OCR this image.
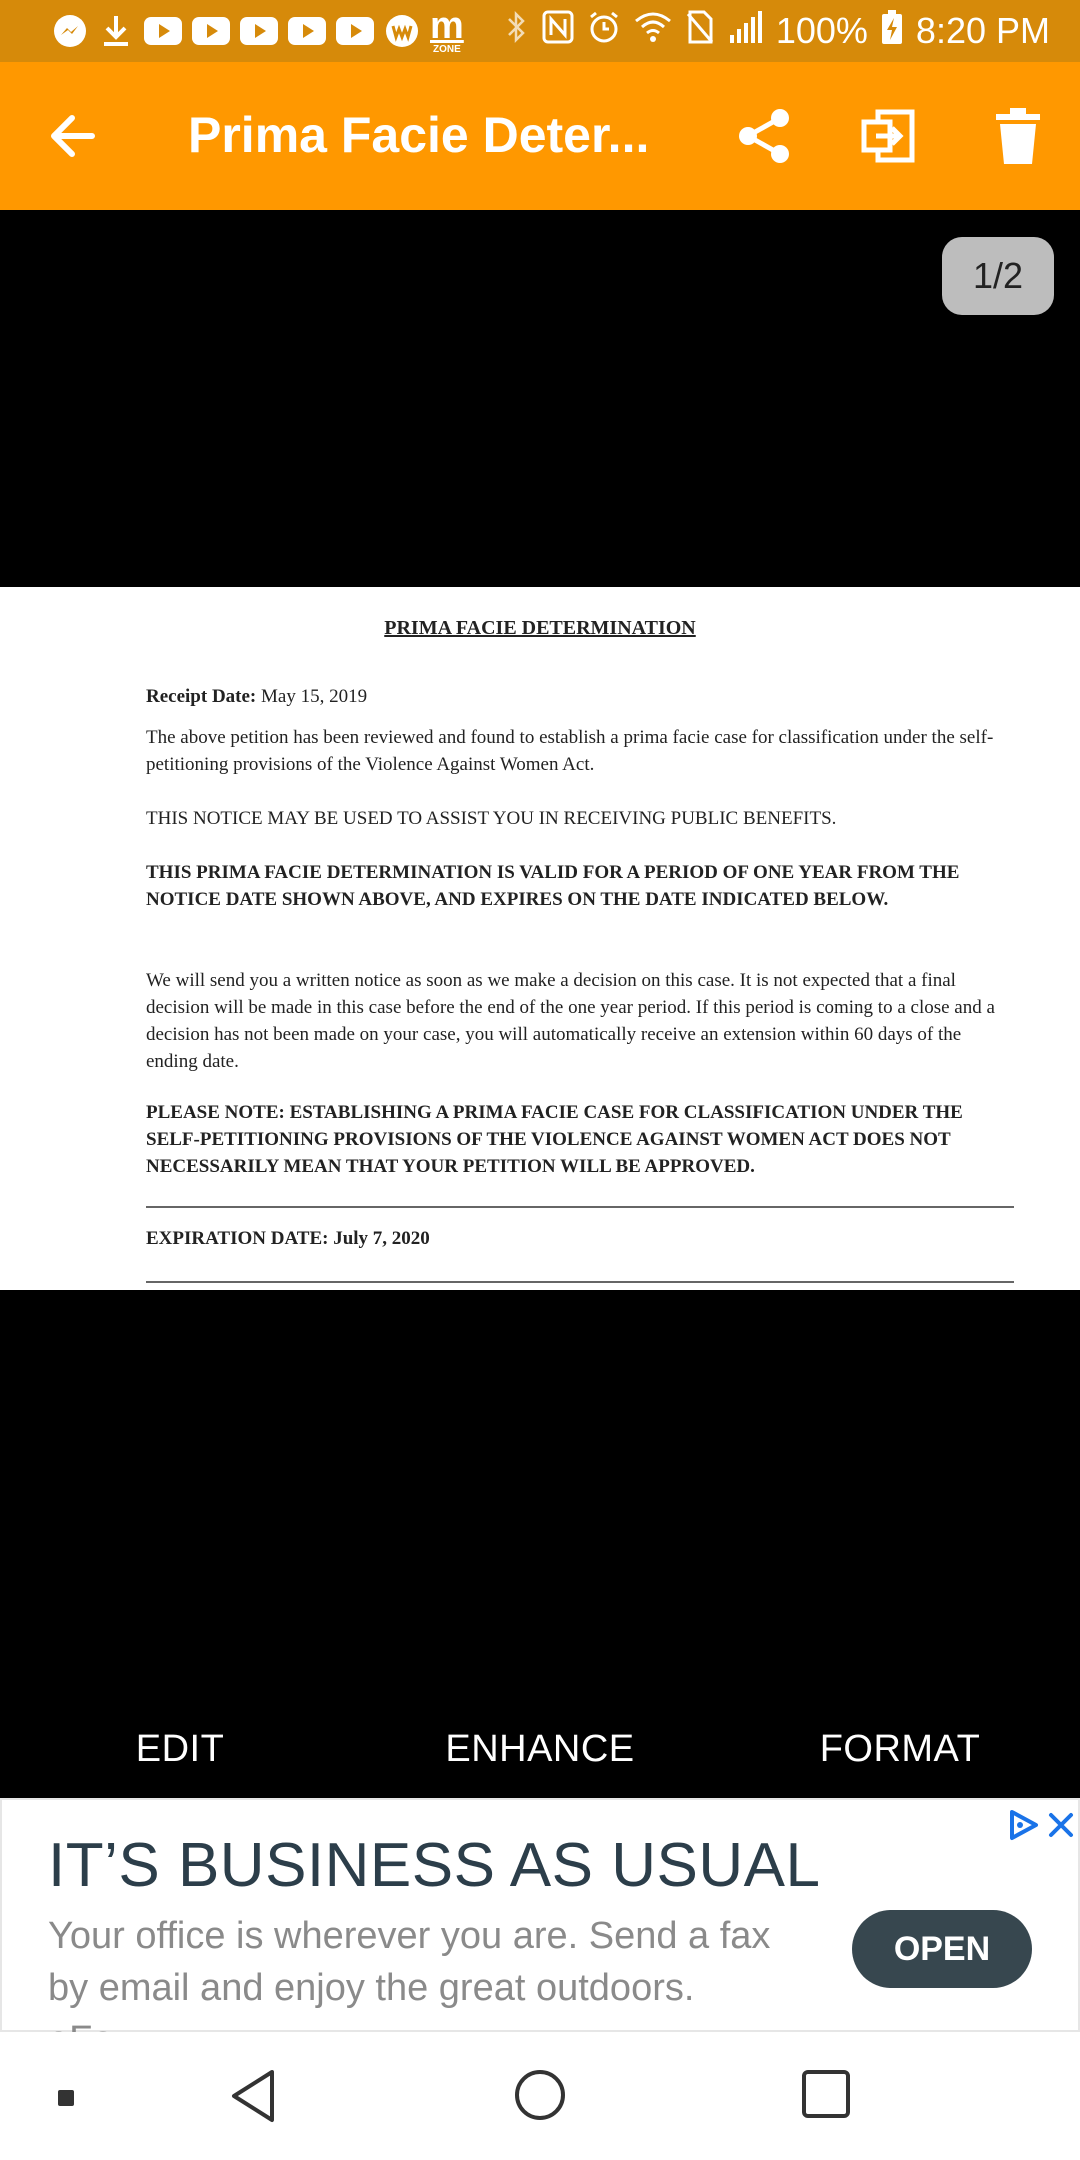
m
ZONE	100% 8:20 PM
Prima Facie Deter...
1/2
PRIMA FACIE DETERMINATION
Receipt Date: May 15, 2019
The above petition has been reviewed and found to establish a prima facie case for classification under the self-petitioning provisions of the Violence Against Women Act.
THIS NOTICE MAY BE USED TO ASSIST YOU IN RECEIVING PUBLIC BENEFITS.
THIS PRIMA FACIE DETERMINATION IS VALID FOR A PERIOD OF ONE YEAR FROM THE NOTICE DATE SHOWN ABOVE, AND EXPIRES ON THE DATE INDICATED BELOW.
We will send you a written notice as soon as we make a decision on this case. It is not expected that a final decision will be made in this case before the end of the one year period. If this period is coming to a close and a decision has not been made on your case, you will automatically receive an extension within 60 days of the ending date.
PLEASE NOTE: ESTABLISHING A PRIMA FACIE CASE FOR CLASSIFICATION UNDER THE SELF-PETITIONING PROVISIONS OF THE VIOLENCE AGAINST WOMEN ACT DOES NOT NECESSARILY MEAN THAT YOUR PETITION WILL BE APPROVED.
EXPIRATION DATE: July 7, 2020
EDIT	ENHANCE	FORMAT
IT’S BUSINESS AS USUAL
Your office is wherever you are. Send a fax by email and enjoy the great outdoors.
OPEN
